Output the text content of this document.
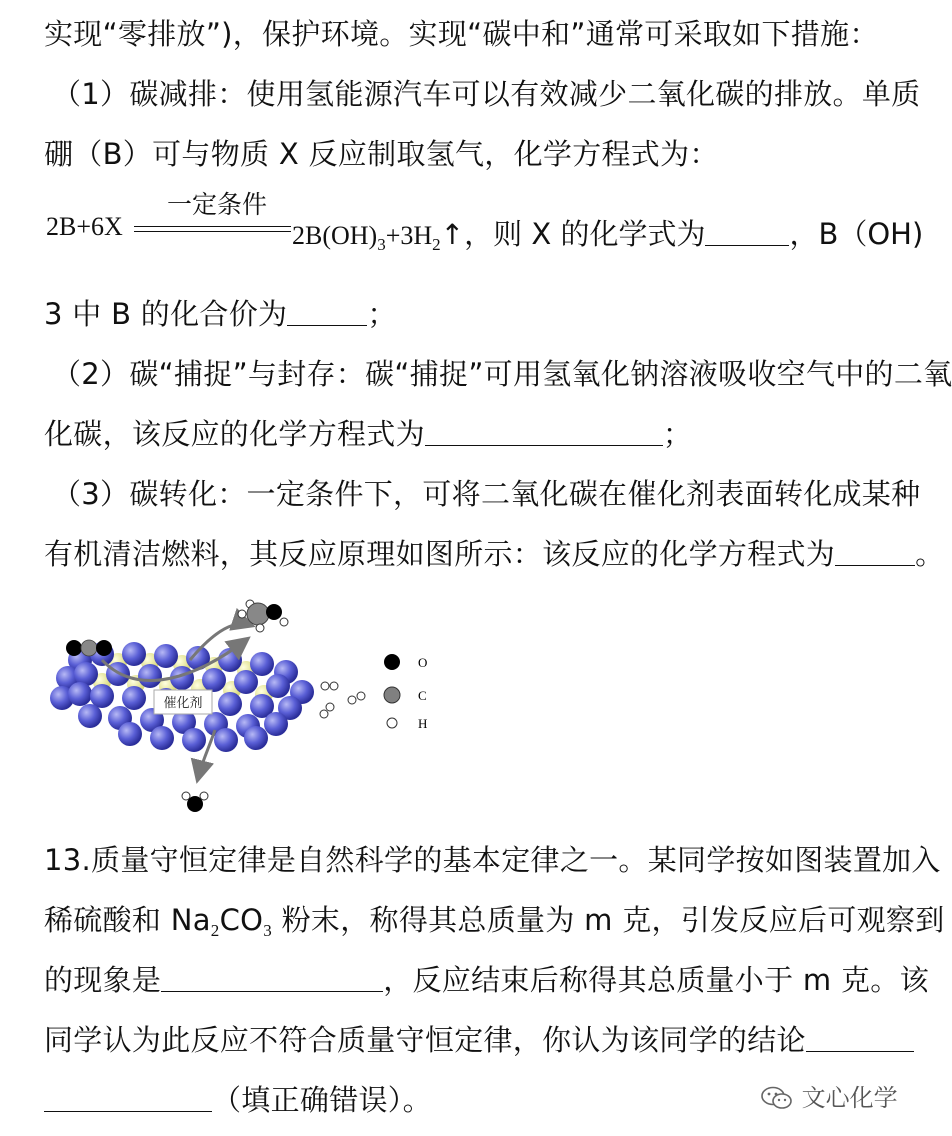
实现“零排放”)，保护环境。实现“碳中和”通常可采取如下措施：
（1）碳减排：使用氢能源汽车可以有效减少二氧化碳的排放。单质
硼（B）可与物质 X 反应制取氢气，化学方程式为：
一定条件
2B+6X	$2B(OH)_3+3H_2↑$，则 X 的化学式为	，B（OH)
3 中 B 的化合价为	；
（2）碳“捕捉”与封存：碳“捕捉”可用氢氧化钠溶液吸收空气中的二氧
化碳，该反应的化学方程式为	；
（3）碳转化：一定条件下，可将二氧化碳在催化剂表面转化成某种
有机清洁燃料，其反应原理如图所示：该反应的化学方程式为	。
催化剂
O
C
H
13.质量守恒定律是自然科学的基本定律之一。某同学按如图装置加入
稀硫酸和 $Na_2CO_3$ 粉末，称得其总质量为 m 克，引发反应后可观察到
的现象是	，反应结束后称得其总质量小于 m 克。该
同学认为此反应不符合质量守恒定律，你认为该同学的结论
（填正确错误）。	文心化学
